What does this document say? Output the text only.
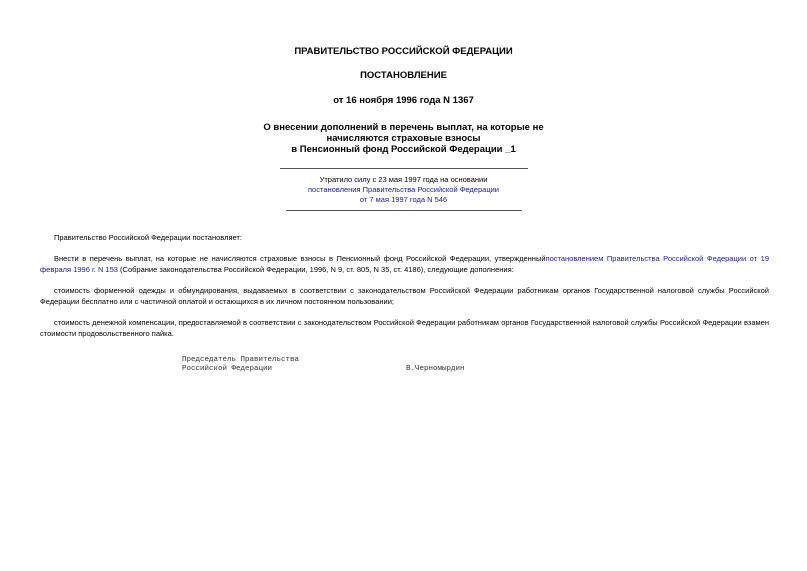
ПРАВИТЕЛЬСТВО РОССИЙСКОЙ ФЕДЕРАЦИИ
ПОСТАНОВЛЕНИЕ
от 16 ноября 1996 года N 1367
О внесении дополнений в перечень выплат, на которые не
начисляются страховые взносы
в Пенсионный фонд Российской Федерации _1
Утратило силу с 23 мая 1997 года на основании
постановления Правительства Российской Федерации
от 7 мая 1997 года N 546
Правительство Российской Федерации постановляет:
Внести в перечень выплат, на которые не начисляются страховые взносы в Пенсионный фонд Российской Федерации, утвержденныйпостановлением Правительства Российской Федерации от 19 февраля 1996 г. N 153 (Собрание законодательства Российской Федерации, 1996, N 9, ст. 805, N 35, ст. 4186), следующие дополнения:
стоимость форменной одежды и обмундирования, выдаваемых в соответствии с законодательством Российской Федерации работникам органов Государственной налоговой службы Российской Федерации бесплатно или с частичной оплатой и остающихся в их личном постоянном пользовании;
стоимость денежной компенсации, предоставляемой в соответствии с законодательством Российской Федерации работникам органов Государственной налоговой службы Российской Федерации взамен стоимости продовольственного пайка.
Председатель Правительства
Российской Федерации	В.Черномырдин
